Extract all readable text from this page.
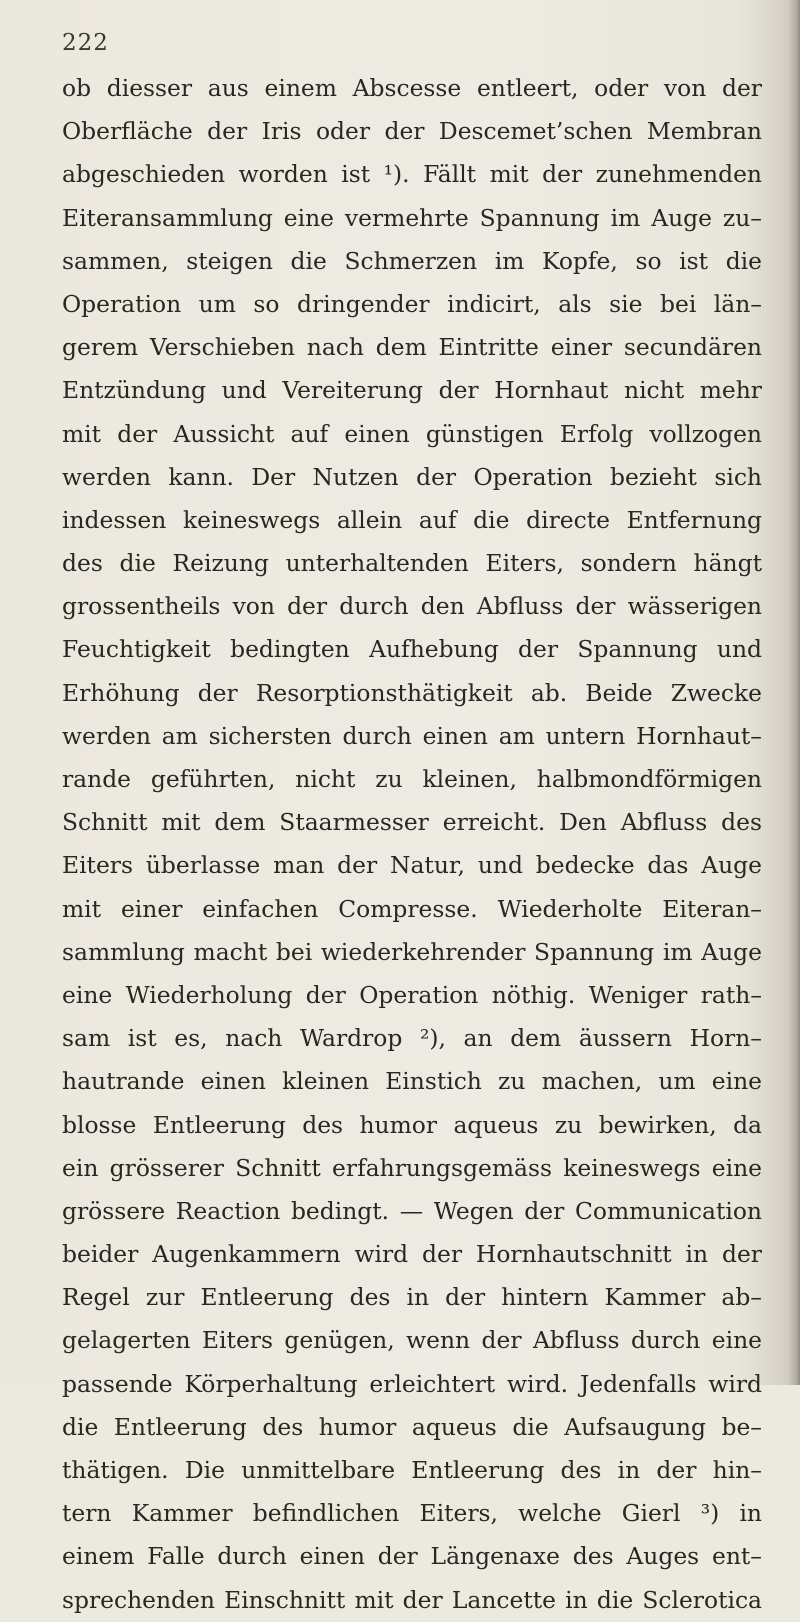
222
ob diesser aus einem Abscesse entleert, oder von der
Oberfläche der Iris oder der Descemet’schen Membran
abgeschieden worden ist ¹). Fällt mit der zunehmenden
Eiteransammlung eine vermehrte Spannung im Auge zu–
sammen, steigen die Schmerzen im Kopfe, so ist die
Operation um so dringender indicirt, als sie bei län–
gerem Verschieben nach dem Eintritte einer secundären
Entzündung und Vereiterung der Hornhaut nicht mehr
mit der Aussicht auf einen günstigen Erfolg vollzogen
werden kann. Der Nutzen der Operation bezieht sich
indessen keineswegs allein auf die directe Entfernung
des die Reizung unterhaltenden Eiters, sondern hängt
grossentheils von der durch den Abfluss der wässerigen
Feuchtigkeit bedingten Aufhebung der Spannung und
Erhöhung der Resorptionsthätigkeit ab. Beide Zwecke
werden am sichersten durch einen am untern Hornhaut–
rande geführten, nicht zu kleinen, halbmondförmigen
Schnitt mit dem Staarmesser erreicht. Den Abfluss des
Eiters überlasse man der Natur, und bedecke das Auge
mit einer einfachen Compresse. Wiederholte Eiteran–
sammlung macht bei wiederkehrender Spannung im Auge
eine Wiederholung der Operation nöthig. Weniger rath–
sam ist es, nach Wardrop ²), an dem äussern Horn–
hautrande einen kleinen Einstich zu machen, um eine
blosse Entleerung des humor aqueus zu bewirken, da
ein grösserer Schnitt erfahrungsgemäss keineswegs eine
grössere Reaction bedingt. — Wegen der Communication
beider Augenkammern wird der Hornhautschnitt in der
Regel zur Entleerung des in der hintern Kammer ab–
gelagerten Eiters genügen, wenn der Abfluss durch eine
passende Körperhaltung erleichtert wird. Jedenfalls wird
die Entleerung des humor aqueus die Aufsaugung be–
thätigen. Die unmittelbare Entleerung des in der hin–
tern Kammer befindlichen Eiters, welche Gierl ³) in
einem Falle durch einen der Längenaxe des Auges ent–
sprechenden Einschnitt mit der Lancette in die Sclerotica
